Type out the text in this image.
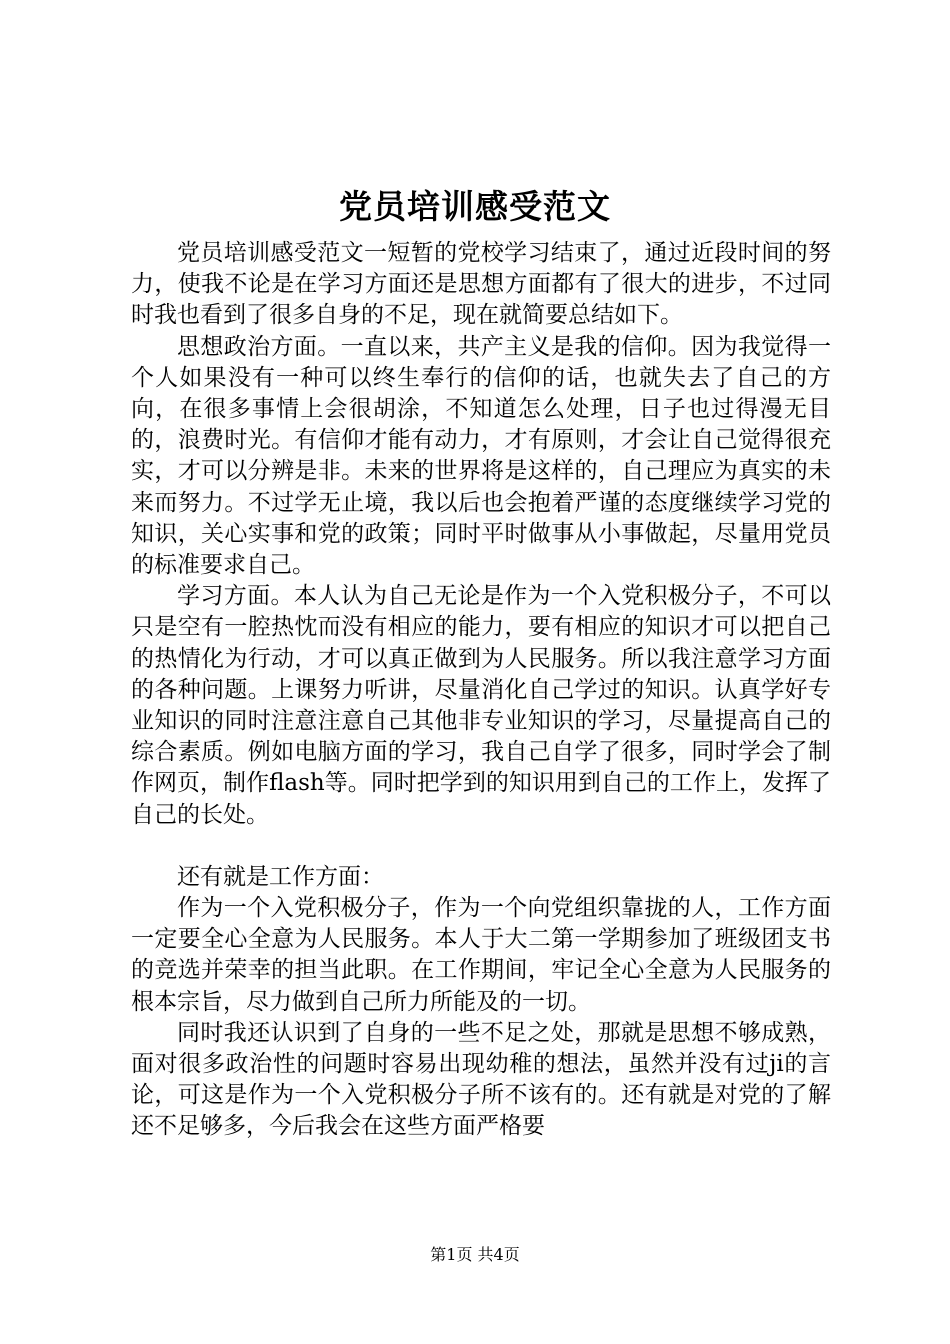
党员培训感受范文

党员培训感受范文一短暂的党校学习结束了，通过近段时间的努力，使我不论是在学习方面还是思想方面都有了很大的进步，不过同时我也看到了很多自身的不足，现在就简要总结如下。

思想政治方面。一直以来，共产主义是我的信仰。因为我觉得一个人如果没有一种可以终生奉行的信仰的话，也就失去了自己的方向，在很多事情上会很胡涂，不知道怎么处理，日子也过得漫无目的，浪费时光。有信仰才能有动力，才有原则，才会让自己觉得很充实，才可以分辨是非。未来的世界将是这样的，自己理应为真实的未来而努力。不过学无止境，我以后也会抱着严谨的态度继续学习党的知识，关心实事和党的政策；同时平时做事从小事做起，尽量用党员的标准要求自己。

学习方面。本人认为自己无论是作为一个入党积极分子，不可以只是空有一腔热忱而没有相应的能力，要有相应的知识才可以把自己的热情化为行动，才可以真正做到为人民服务。所以我注意学习方面的各种问题。上课努力听讲，尽量消化自己学过的知识。认真学好专业知识的同时注意注意自己其他非专业知识的学习，尽量提高自己的综合素质。例如电脑方面的学习，我自己自学了很多，同时学会了制作网页，制作flash等。同时把学到的知识用到自己的工作上，发挥了自己的长处。

还有就是工作方面：

作为一个入党积极分子，作为一个向党组织靠拢的人，工作方面一定要全心全意为人民服务。本人于大二第一学期参加了班级团支书的竞选并荣幸的担当此职。在工作期间，牢记全心全意为人民服务的根本宗旨，尽力做到自己所力所能及的一切。

同时我还认识到了自身的一些不足之处，那就是思想不够成熟，面对很多政治性的问题时容易出现幼稚的想法，虽然并没有过ji的言论，可这是作为一个入党积极分子所不该有的。还有就是对党的了解还不足够多，今后我会在这些方面严格要

第1页 共4页
